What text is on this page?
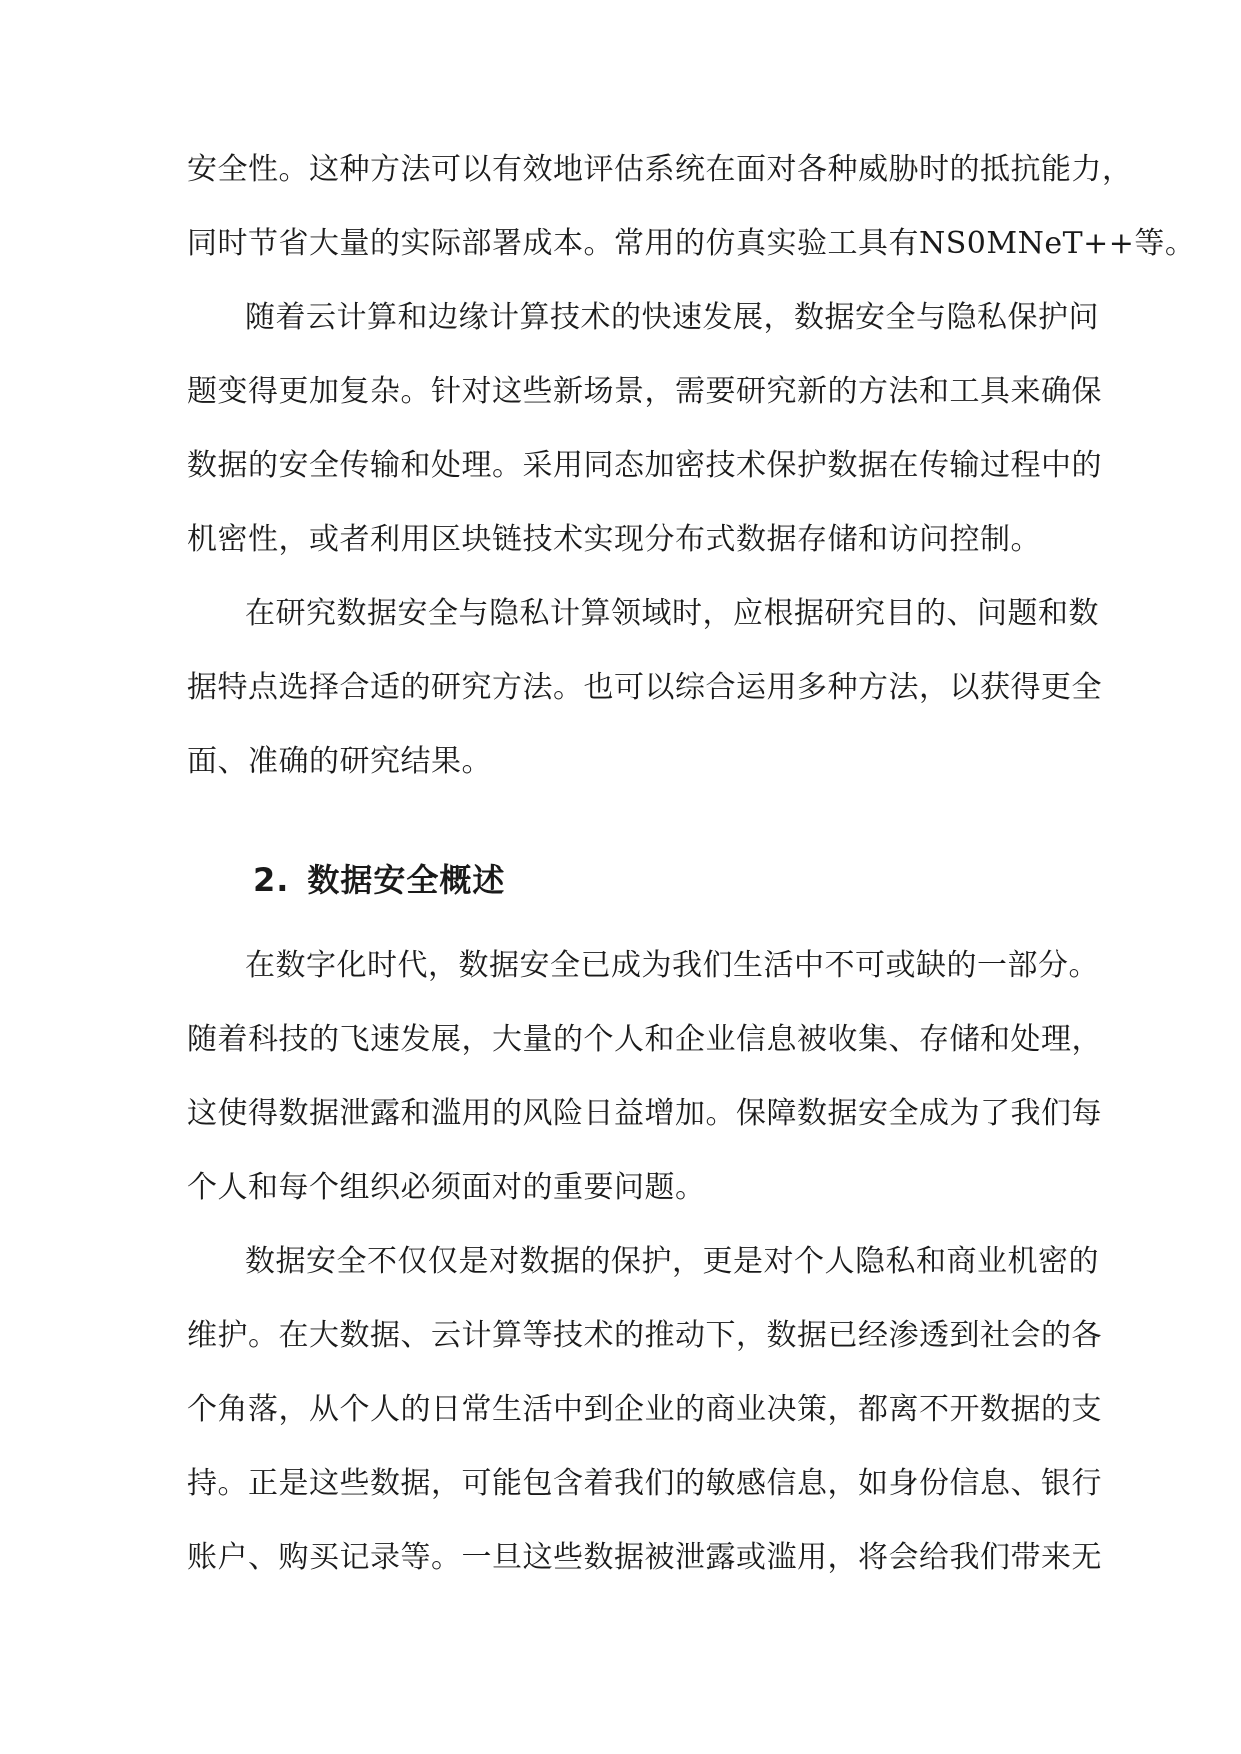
安全性。这种方法可以有效地评估系统在面对各种威胁时的抵抗能力，
同时节省大量的实际部署成本。常用的仿真实验工具有NS0MNeT++等。
随着云计算和边缘计算技术的快速发展，数据安全与隐私保护问
题变得更加复杂。针对这些新场景，需要研究新的方法和工具来确保
数据的安全传输和处理。采用同态加密技术保护数据在传输过程中的
机密性，或者利用区块链技术实现分布式数据存储和访问控制。
在研究数据安全与隐私计算领域时，应根据研究目的、问题和数
据特点选择合适的研究方法。也可以综合运用多种方法，以获得更全
面、准确的研究结果。
2. 数据安全概述
在数字化时代，数据安全已成为我们生活中不可或缺的一部分。
随着科技的飞速发展，大量的个人和企业信息被收集、存储和处理，
这使得数据泄露和滥用的风险日益增加。保障数据安全成为了我们每
个人和每个组织必须面对的重要问题。
数据安全不仅仅是对数据的保护，更是对个人隐私和商业机密的
维护。在大数据、云计算等技术的推动下，数据已经渗透到社会的各
个角落，从个人的日常生活中到企业的商业决策，都离不开数据的支
持。正是这些数据，可能包含着我们的敏感信息，如身份信息、银行
账户、购买记录等。一旦这些数据被泄露或滥用，将会给我们带来无
